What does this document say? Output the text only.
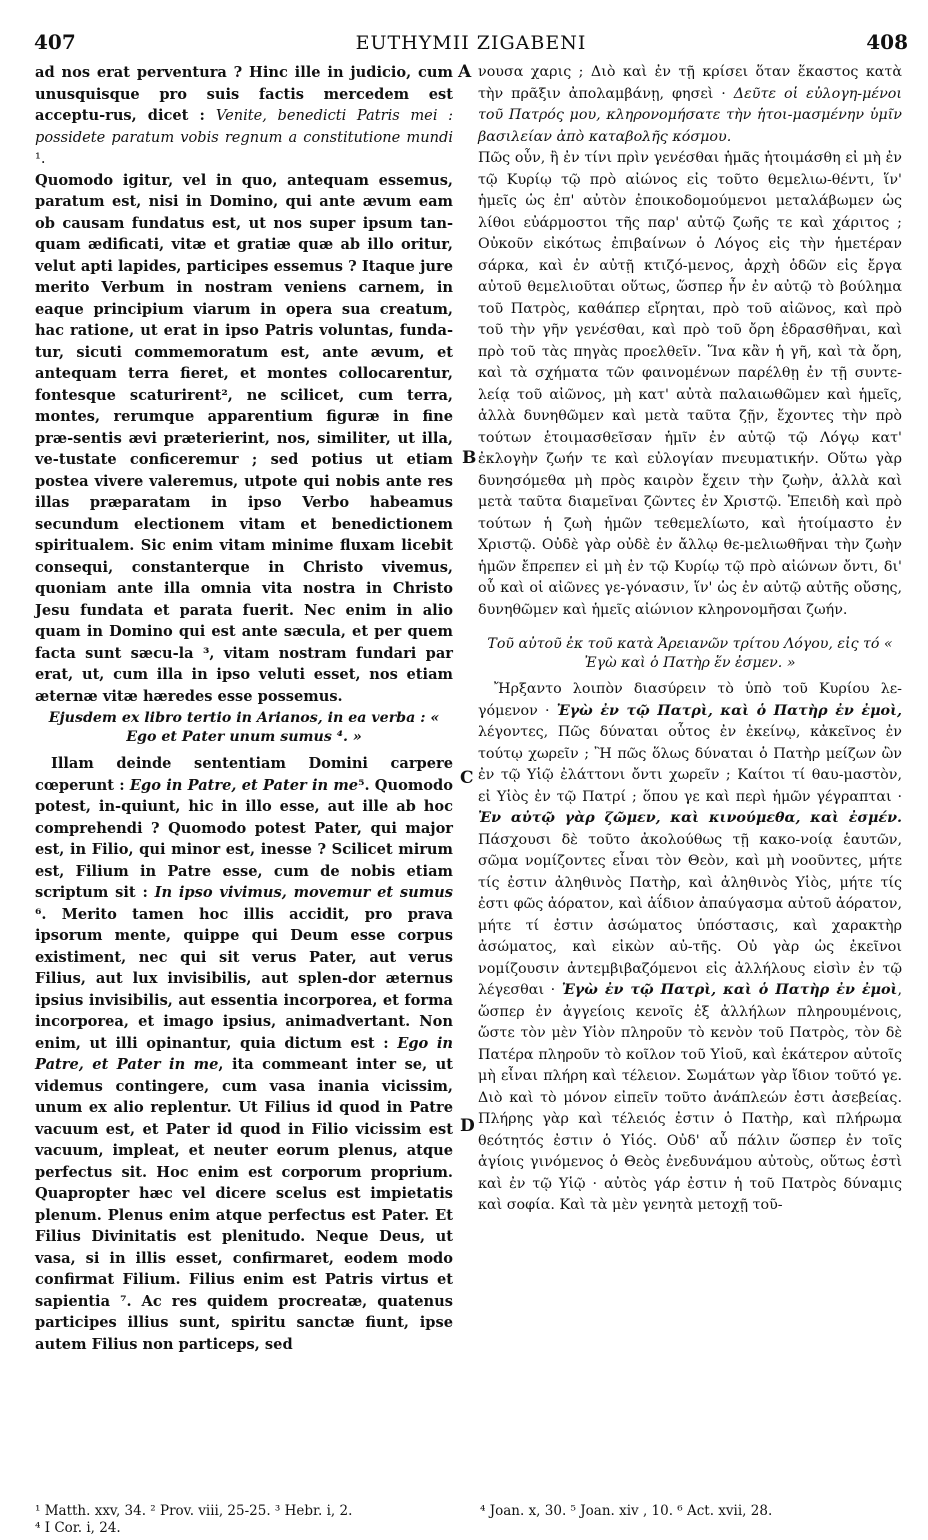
407	EUTHYMII ZIGABENI	408
A
B
C
D

ad nos erat perventura ? Hinc ille in judicio, cum unusquisque pro suis factis mercedem est acceptu-rus, dicet : Venite, benedicti Patris mei : possidete paratum vobis regnum a constitutione mundi ¹.

Quomodo igitur, vel in quo, antequam essemus, paratum est, nisi in Domino, qui ante ævum eam ob causam fundatus est, ut nos super ipsum tan-quam ædificati, vitæ et gratiæ quæ ab illo oritur, velut apti lapides, participes essemus ? Itaque jure merito Verbum in nostram veniens carnem, in eaque principium viarum in opera sua creatum, hac ratione, ut erat in ipso Patris voluntas, funda-tur, sicuti commemoratum est, ante ævum, et antequam terra fieret, et montes collocarentur, fontesque scaturirent², ne scilicet, cum terra, montes, rerumque apparentium figuræ in fine præ-sentis ævi præterierint, nos, similiter, ut illa, ve-tustate conficeremur ; sed potius ut etiam postea vivere valeremus, utpote qui nobis ante res illas præparatam in ipso Verbo habeamus secundum electionem vitam et benedictionem spiritualem. Sic enim vitam minime fluxam licebit consequi, constanterque in Christo vivemus, quoniam ante illa omnia vita nostra in Christo Jesu fundata et parata fuerit. Nec enim in alio quam in Domino qui est ante sæcula, et per quem facta sunt sæcu-la ³, vitam nostram fundari par erat, ut, cum illa in ipso veluti esset, nos etiam æternæ vitæ hæredes esse possemus.

Ejusdem ex libro tertio in Arianos, in ea verba : « Ego et Pater unum sumus ⁴. »

Illam deinde sententiam Domini carpere cœperunt : Ego in Patre, et Pater in me⁵. Quomodo potest, in-quiunt, hic in illo esse, aut ille ab hoc comprehendi ? Quomodo potest Pater, qui major est, in Filio, qui minor est, inesse ? Scilicet mirum est, Filium in Patre esse, cum de nobis etiam scriptum sit : In ipso vivimus, movemur et sumus ⁶. Merito tamen hoc illis accidit, pro prava ipsorum mente, quippe qui Deum esse corpus existiment, nec qui sit verus Pater, aut verus Filius, aut lux invisibilis, aut splen-dor æternus ipsius invisibilis, aut essentia incorporea, et forma incorporea, et imago ipsius, animadvertant. Non enim, ut illi opinantur, quia dictum est : Ego in Patre, et Pater in me, ita commeant inter se, ut videmus contingere, cum vasa inania vicissim, unum ex alio replentur. Ut Filius id quod in Patre vacuum est, et Pater id quod in Filio vicissim est vacuum, impleat, et neuter eorum plenus, atque perfectus sit. Hoc enim est corporum proprium. Quapropter hæc vel dicere scelus est impietatis plenum. Plenus enim atque perfectus est Pater. Et Filius Divinitatis est plenitudo. Neque Deus, ut vasa, si in illis esset, confirmaret, eodem modo confirmat Filium. Filius enim est Patris virtus et sapientia ⁷. Ac res quidem procreatæ, quatenus participes illius sunt, spiritu sanctæ fiunt, ipse autem Filius non particeps, sed

νουσα χαρις ; Διὸ καὶ ἐν τῇ κρίσει ὅταν ἕκαστος κατὰ τὴν πρᾶξιν ἀπολαμβάνῃ, φησεὶ · Δεῦτε οἱ εὐλογη-μένοι τοῦ Πατρός μου, κληρονομήσατε τὴν ἡτοι-μασμένην ὑμῖν βασιλείαν ἀπὸ καταβολῆς κόσμου.

Πῶς οὖν, ἢ ἐν τίνι πρὶν γενέσθαι ἡμᾶς ἡτοιμάσθη εἰ μὴ ἐν τῷ Κυρίῳ τῷ πρὸ αἰώνος εἰς τοῦτο θεμελιω-θέντι, ἵν' ἡμεῖς ὡς ἐπ' αὐτὸν ἐποικοδομούμενοι μεταλάβωμεν ὡς λίθοι εὐάρμοστοι τῆς παρ' αὐτῷ ζωῆς τε καὶ χάριτος ; Οὐκοῦν εἰκότως ἐπιβαίνων ὁ Λόγος εἰς τὴν ἡμετέραν σάρκα, καὶ ἐν αὐτῇ κτιζό-μενος, ἀρχὴ ὁδῶν εἰς ἔργα αὐτοῦ θεμελιοῦται οὕτως, ὥσπερ ἦν ἐν αὐτῷ τὸ βούλημα τοῦ Πατρὸς, καθάπερ εἴρηται, πρὸ τοῦ αἰῶνος, καὶ πρὸ τοῦ τὴν γῆν γενέσθαι, καὶ πρὸ τοῦ ὄρη ἑδρασθῆναι, καὶ πρὸ τοῦ τὰς πηγὰς προελθεῖν. Ἵνα κἂν ἡ γῆ, καὶ τὰ ὄρη, καὶ τὰ σχήματα τῶν φαινομένων παρέλθῃ ἐν τῇ συντε-λείᾳ τοῦ αἰῶνος, μὴ κατ' αὐτὰ παλαιωθῶμεν καὶ ἡμεῖς, ἀλλὰ δυνηθῶμεν καὶ μετὰ ταῦτα ζῇν, ἔχοντες τὴν πρὸ τούτων ἑτοιμασθεῖσαν ἡμῖν ἐν αὐτῷ τῷ Λόγῳ κατ' ἐκλογὴν ζωήν τε καὶ εὐλογίαν πνευματικήν. Οὕτω γὰρ δυνησόμεθα μὴ πρὸς καιρὸν ἔχειν τὴν ζωὴν, ἀλλὰ καὶ μετὰ ταῦτα διαμεῖναι ζῶντες ἐν Χριστῷ. Ἐπειδὴ καὶ πρὸ τούτων ἡ ζωὴ ἡμῶν τεθεμελίωτο, καὶ ἡτοίμαστο ἐν Χριστῷ. Οὐδὲ γὰρ οὐδὲ ἐν ἄλλῳ θε-μελιωθῆναι τὴν ζωὴν ἡμῶν ἔπρεπεν εἰ μὴ ἐν τῷ Κυρίῳ τῷ πρὸ αἰώνων ὄντι, δι' οὗ καὶ οἱ αἰῶνες γε-γόνασιν, ἵν' ὡς ἐν αὐτῷ αὐτῆς οὔσης, δυνηθῶμεν καὶ ἡμεῖς αἰώνιον κληρονομῆσαι ζωήν.

Τοῦ αὐτοῦ ἐκ τοῦ κατὰ Ἀρειανῶν τρίτου Λόγου, εἰς τό « Ἐγὼ καὶ ὁ Πατὴρ ἕν ἐσμεν. »

Ἤρξαντο λοιπὸν διασύρειν τὸ ὑπὸ τοῦ Κυρίου λε-γόμενον · Ἐγὼ ἐν τῷ Πατρὶ, καὶ ὁ Πατὴρ ἐν ἐμοὶ, λέγοντες, Πῶς δύναται οὗτος ἐν ἐκείνῳ, κἀκεῖνος ἐν τούτῳ χωρεῖν ; Ἢ πῶς ὅλως δύναται ὁ Πατὴρ μείζων ὢν ἐν τῷ Υἱῷ ἐλάττονι ὄντι χωρεῖν ; Καίτοι τί θαυ-μαστὸν, εἰ Υἱὸς ἐν τῷ Πατρί ; ὅπου γε καὶ περὶ ἡμῶν γέγραπται · Ἐν αὐτῷ γὰρ ζῶμεν, καὶ κινούμεθα, καὶ ἐσμέν. Πάσχουσι δὲ τοῦτο ἀκολούθως τῇ κακο-νοίᾳ ἑαυτῶν, σῶμα νομίζοντες εἶναι τὸν Θεὸν, καὶ μὴ νοοῦντες, μήτε τίς ἐστιν ἀληθινὸς Πατὴρ, καὶ ἀληθινὸς Υἱὸς, μήτε τίς ἐστι φῶς ἀόρατον, καὶ ἀΐδιον ἀπαύγασμα αὐτοῦ ἀόρατον, μήτε τί ἐστιν ἀσώματος ὑπόστασις, καὶ χαρακτὴρ ἀσώματος, καὶ εἰκὼν αὐ-τῆς. Οὐ γὰρ ὡς ἐκεῖνοι νομίζουσιν ἀντεμβιβαζόμενοι εἰς ἀλλήλους εἰσὶν ἐν τῷ λέγεσθαι · Ἐγὼ ἐν τῷ Πατρὶ, καὶ ὁ Πατὴρ ἐν ἐμοὶ, ὥσπερ ἐν ἀγγείοις κενοῖς ἐξ ἀλλήλων πληρουμένοις, ὥστε τὸν μὲν Υἱὸν πληροῦν τὸ κενὸν τοῦ Πατρὸς, τὸν δὲ Πατέρα πληροῦν τὸ κοῖλον τοῦ Υἱοῦ, καὶ ἑκάτερον αὐτοῖς μὴ εἶναι πλήρη καὶ τέλειον. Σωμάτων γὰρ ἴδιον τοῦτό γε. Διὸ καὶ τὸ μόνον εἰπεῖν τοῦτο ἀνάπλεών ἐστι ἀσεβείας. Πλήρης γὰρ καὶ τέλειός ἐστιν ὁ Πατὴρ, καὶ πλήρωμα θεότητός ἐστιν ὁ Υἱός. Οὐδ' αὖ πάλιν ὥσπερ ἐν τοῖς ἁγίοις γινόμενος ὁ Θεὸς ἐνεδυνάμου αὐτοὺς, οὕτως ἐστὶ καὶ ἐν τῷ Υἱῷ · αὐτὸς γάρ ἐστιν ἡ τοῦ Πατρὸς δύναμις καὶ σοφία. Καὶ τὰ μὲν γενητὰ μετοχῇ τοῦ-

¹ Matth. xxv, 34. ² Prov. viii, 25-25. ³ Hebr. i, 2.
⁴ I Cor. i, 24.
⁴ Joan. x, 30. ⁵ Joan. xiv , 10. ⁶ Act. xvii, 28.
